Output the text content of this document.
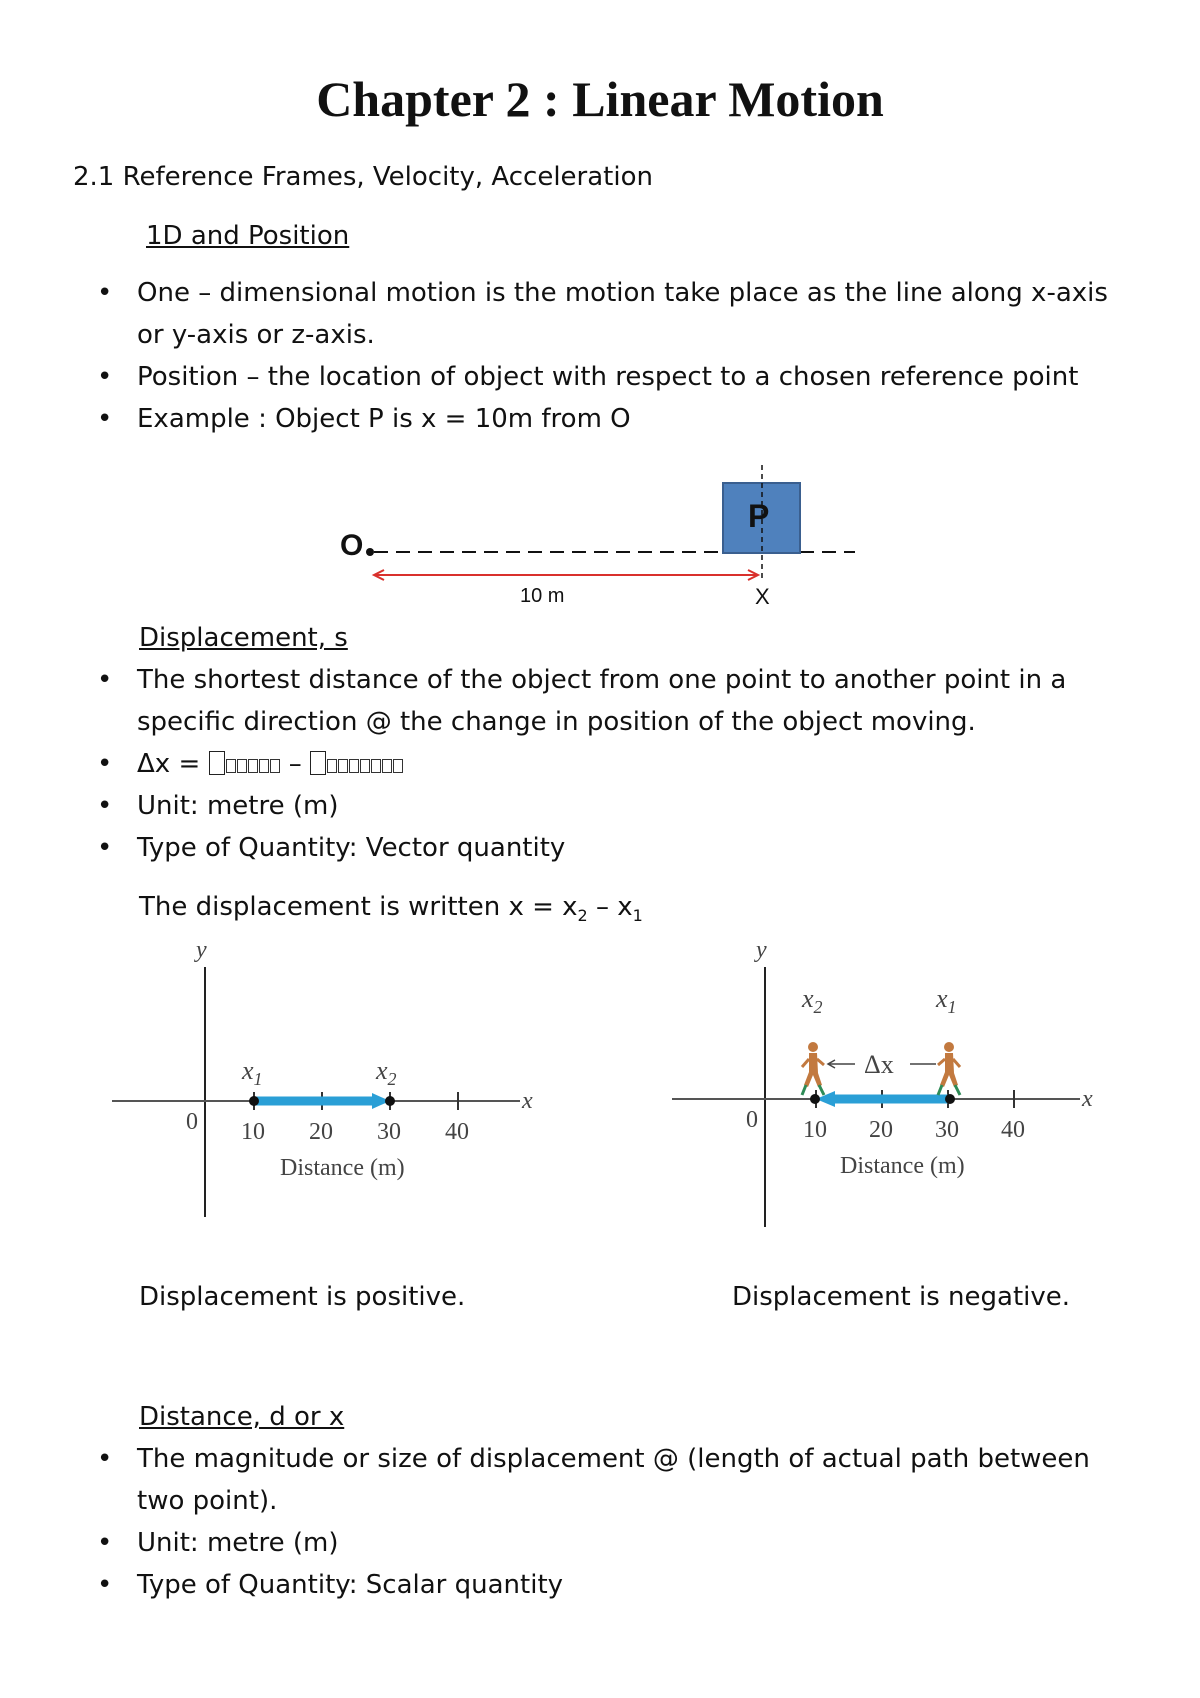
Chapter 2 : Linear Motion
2.1 Reference Frames, Velocity, Acceleration
1D and Position
• One – dimensional motion is the motion take place as the line along x-axis
or y-axis or z-axis.
• Position – the location of object with respect to a chosen reference point
• Example : Object P is x = 10m from O
O
P
10 m	X
Displacement, s
• The shortest distance of the object from one point to another point in a
specific direction @ the change in position of the object moving.
• Δx =	–
• Unit: metre (m)
• Type of Quantity: Vector quantity
The displacement is written $x = x_2 - x_1$
y
x
0 10 20 30 40
$x_1$	$x_2$
Distance (m)
y
x
0 10 20 30 40
Δx
$x_2$	$x_1$
Distance (m)
Displacement is positive.	Displacement is negative.
Distance, d or x
• The magnitude or size of displacement @ (length of actual path between
two point).
• Unit: metre (m)
• Type of Quantity: Scalar quantity
